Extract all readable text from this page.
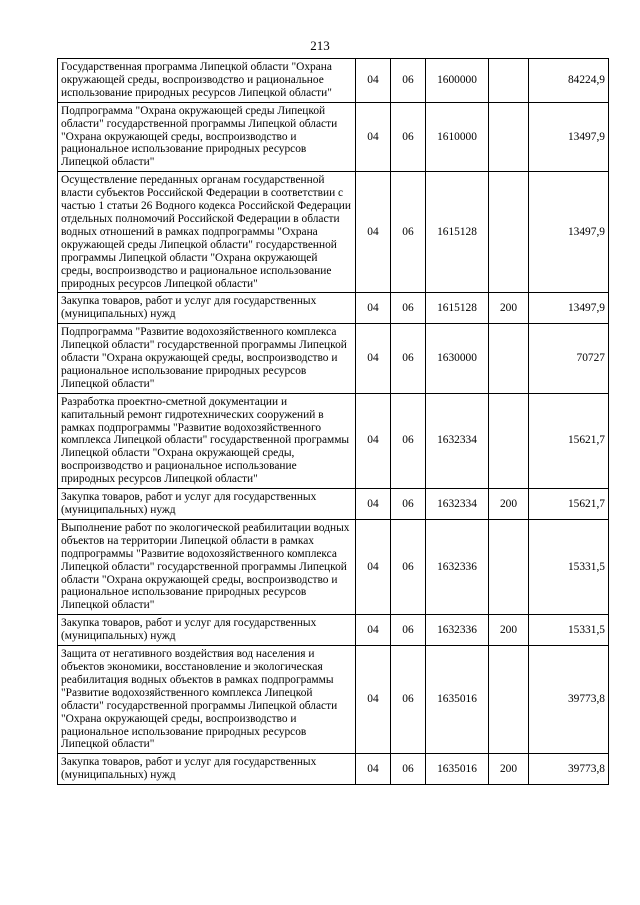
213
Государственная программа Липецкой области "Охрана окружающей среды, воспроизводство и рациональное использование природных ресурсов Липецкой области"	04	06	1600000		84224,9
Подпрограмма "Охрана окружающей среды Липецкой области" государственной программы Липецкой области "Охрана окружающей среды, воспроизводство и рациональное использование природных ресурсов Липецкой области"	04	06	1610000		13497,9
Осуществление переданных органам государственной власти субъектов Российской Федерации в соответствии с частью 1 статьи 26 Водного кодекса Российской Федерации отдельных полномочий Российской Федерации в области водных отношений в рамках подпрограммы "Охрана окружающей среды Липецкой области" государственной программы Липецкой области "Охрана окружающей среды, воспроизводство и рациональное использование природных ресурсов Липецкой области"	04	06	1615128		13497,9
Закупка товаров, работ и услуг для государственных (муниципальных) нужд	04	06	1615128	200	13497,9
Подпрограмма "Развитие водохозяйственного комплекса Липецкой области" государственной программы Липецкой области "Охрана окружающей среды, воспроизводство и рациональное использование природных ресурсов Липецкой области"	04	06	1630000		70727
Разработка проектно-сметной документации и капитальный ремонт гидротехнических сооружений в рамках подпрограммы "Развитие водохозяйственного комплекса Липецкой области" государственной программы Липецкой области "Охрана окружающей среды, воспроизводство и рациональное использование природных ресурсов Липецкой области"	04	06	1632334		15621,7
Закупка товаров, работ и услуг для государственных (муниципальных) нужд	04	06	1632334	200	15621,7
Выполнение работ по экологической реабилитации водных объектов на территории Липецкой области в рамках подпрограммы "Развитие водохозяйственного комплекса Липецкой области" государственной программы Липецкой области "Охрана окружающей среды, воспроизводство и рациональное использование природных ресурсов Липецкой области"	04	06	1632336		15331,5
Закупка товаров, работ и услуг для государственных (муниципальных) нужд	04	06	1632336	200	15331,5
Защита от негативного воздействия вод населения и объектов экономики, восстановление и экологическая реабилитация водных объектов в рамках подпрограммы "Развитие водохозяйственного комплекса Липецкой области" государственной программы Липецкой области "Охрана окружающей среды, воспроизводство и рациональное использование природных ресурсов Липецкой области"	04	06	1635016		39773,8
Закупка товаров, работ и услуг для государственных (муниципальных) нужд	04	06	1635016	200	39773,8
